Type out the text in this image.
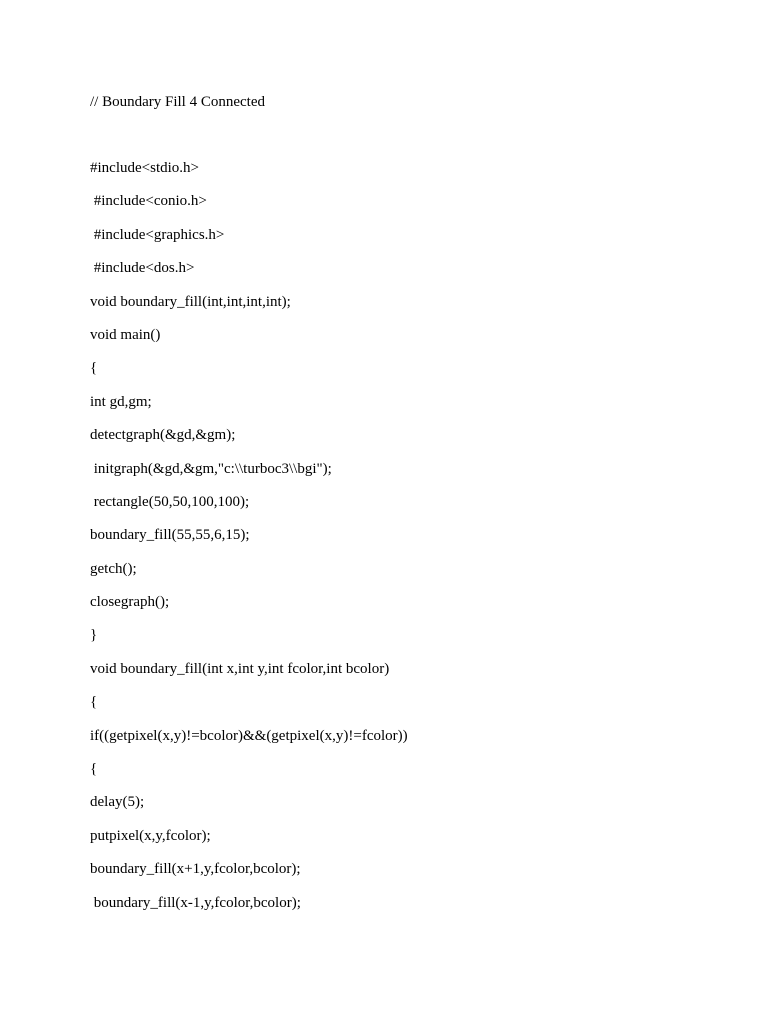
// Boundary Fill 4 Connected
#include<stdio.h>
#include<conio.h>
#include<graphics.h>
#include<dos.h>
void boundary_fill(int,int,int,int);
void main()
{
int gd,gm;
detectgraph(&gd,&gm);
initgraph(&gd,&gm,"c:\\turboc3\\bgi");
rectangle(50,50,100,100);
boundary_fill(55,55,6,15);
getch();
closegraph();
}
void boundary_fill(int x,int y,int fcolor,int bcolor)
{
if((getpixel(x,y)!=bcolor)&&(getpixel(x,y)!=fcolor))
{
delay(5);
putpixel(x,y,fcolor);
boundary_fill(x+1,y,fcolor,bcolor);
boundary_fill(x-1,y,fcolor,bcolor);
